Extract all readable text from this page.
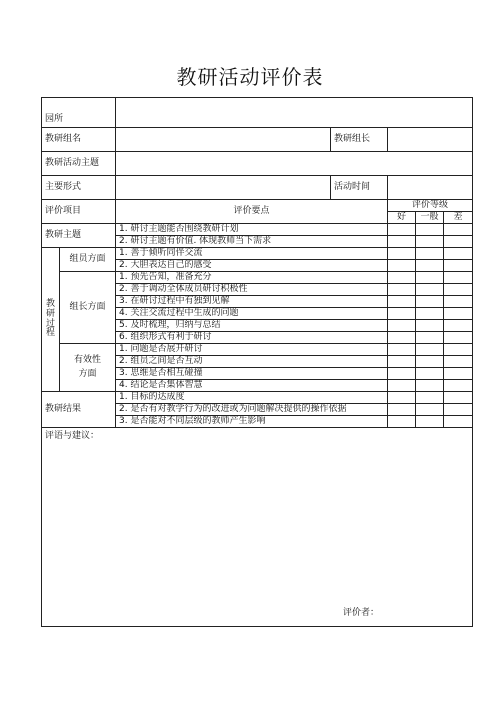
教研活动评价表
园所						
教研组名			教研组长			
教研活动主题						
主要形式			活动时间			
评价项目		评价要点		评价等级		
				好	一般	差
教研主题		1. 研讨主题能否围绕教研计划				
		2. 研讨主题有价值. 体现教师当下需求				
教研过程	组员方面	1. 善于倾听同伴交流				
		2. 大胆表达自己的感受				
	组长方面	1. 预先告知，准备充分				
		2. 善于调动全体成员研讨积极性				
		3. 在研讨过程中有独到见解				
		4. 关注交流过程中生成的问题				
		5. 及时梳理，归纳与总结				
		6. 组织形式有利于研讨				
	有效性方面	1. 问题是否展开研讨				
		2. 组员之间是否互动				
		3. 思维是否相互碰撞				
		4. 结论是否集体智慧				
教研结果		1. 目标的达成度				
		2. 是否有对教学行为的改进或为问题解决提供的操作依据				
		3. 是否能对不同层级的教师产生影响				
评语与建议：
评价者：						
